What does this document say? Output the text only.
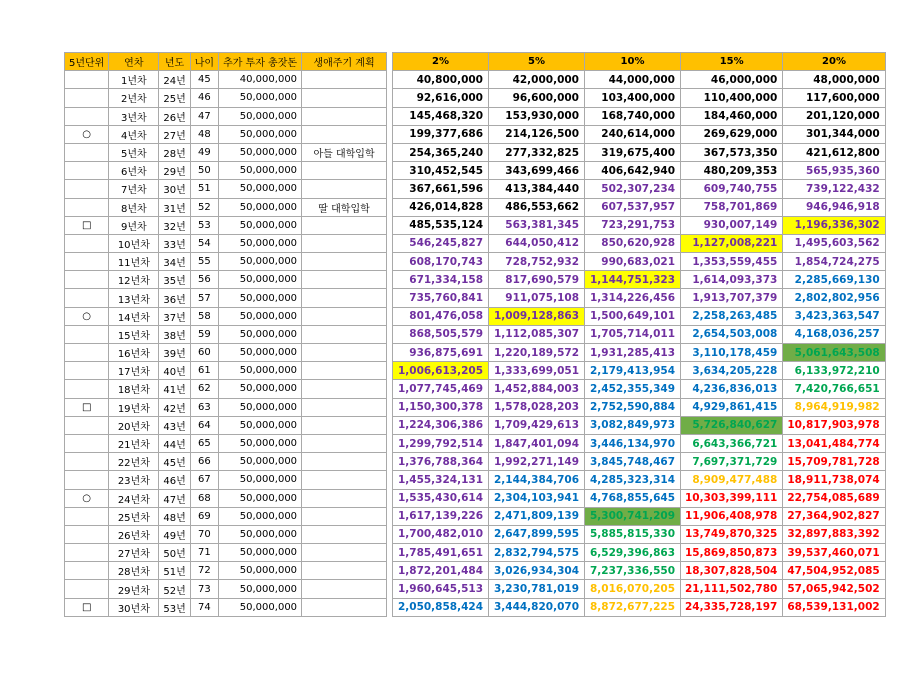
5년단위	연차	년도	나이	추가 투자 총잣돈	생애주기 계획
	1년차	24년	45	40,000,000	
	2년차	25년	46	50,000,000	
	3년차	26년	47	50,000,000	
○	4년차	27년	48	50,000,000	
	5년차	28년	49	50,000,000	아들 대학입학
	6년차	29년	50	50,000,000	
	7년차	30년	51	50,000,000	
	8년차	31년	52	50,000,000	딸 대학입학
□	9년차	32년	53	50,000,000	
	10년차	33년	54	50,000,000	
	11년차	34년	55	50,000,000	
	12년차	35년	56	50,000,000	
	13년차	36년	57	50,000,000	
○	14년차	37년	58	50,000,000	
	15년차	38년	59	50,000,000	
	16년차	39년	60	50,000,000	
	17년차	40년	61	50,000,000	
	18년차	41년	62	50,000,000	
□	19년차	42년	63	50,000,000	
	20년차	43년	64	50,000,000	
	21년차	44년	65	50,000,000	
	22년차	45년	66	50,000,000	
	23년차	46년	67	50,000,000	
○	24년차	47년	68	50,000,000	
	25년차	48년	69	50,000,000	
	26년차	49년	70	50,000,000	
	27년차	50년	71	50,000,000	
	28년차	51년	72	50,000,000	
	29년차	52년	73	50,000,000	
□	30년차	53년	74	50,000,000	
2%	5%	10%	15%	20%
40,800,000	42,000,000	44,000,000	46,000,000	48,000,000
92,616,000	96,600,000	103,400,000	110,400,000	117,600,000
145,468,320	153,930,000	168,740,000	184,460,000	201,120,000
199,377,686	214,126,500	240,614,000	269,629,000	301,344,000
254,365,240	277,332,825	319,675,400	367,573,350	421,612,800
310,452,545	343,699,466	406,642,940	480,209,353	565,935,360
367,661,596	413,384,440	502,307,234	609,740,755	739,122,432
426,014,828	486,553,662	607,537,957	758,701,869	946,946,918
485,535,124	563,381,345	723,291,753	930,007,149	1,196,336,302
546,245,827	644,050,412	850,620,928	1,127,008,221	1,495,603,562
608,170,743	728,752,932	990,683,021	1,353,559,455	1,854,724,275
671,334,158	817,690,579	1,144,751,323	1,614,093,373	2,285,669,130
735,760,841	911,075,108	1,314,226,456	1,913,707,379	2,802,802,956
801,476,058	1,009,128,863	1,500,649,101	2,258,263,485	3,423,363,547
868,505,579	1,112,085,307	1,705,714,011	2,654,503,008	4,168,036,257
936,875,691	1,220,189,572	1,931,285,413	3,110,178,459	5,061,643,508
1,006,613,205	1,333,699,051	2,179,413,954	3,634,205,228	6,133,972,210
1,077,745,469	1,452,884,003	2,452,355,349	4,236,836,013	7,420,766,651
1,150,300,378	1,578,028,203	2,752,590,884	4,929,861,415	8,964,919,982
1,224,306,386	1,709,429,613	3,082,849,973	5,726,840,627	10,817,903,978
1,299,792,514	1,847,401,094	3,446,134,970	6,643,366,721	13,041,484,774
1,376,788,364	1,992,271,149	3,845,748,467	7,697,371,729	15,709,781,728
1,455,324,131	2,144,384,706	4,285,323,314	8,909,477,488	18,911,738,074
1,535,430,614	2,304,103,941	4,768,855,645	10,303,399,111	22,754,085,689
1,617,139,226	2,471,809,139	5,300,741,209	11,906,408,978	27,364,902,827
1,700,482,010	2,647,899,595	5,885,815,330	13,749,870,325	32,897,883,392
1,785,491,651	2,832,794,575	6,529,396,863	15,869,850,873	39,537,460,071
1,872,201,484	3,026,934,304	7,237,336,550	18,307,828,504	47,504,952,085
1,960,645,513	3,230,781,019	8,016,070,205	21,111,502,780	57,065,942,502
2,050,858,424	3,444,820,070	8,872,677,225	24,335,728,197	68,539,131,002
